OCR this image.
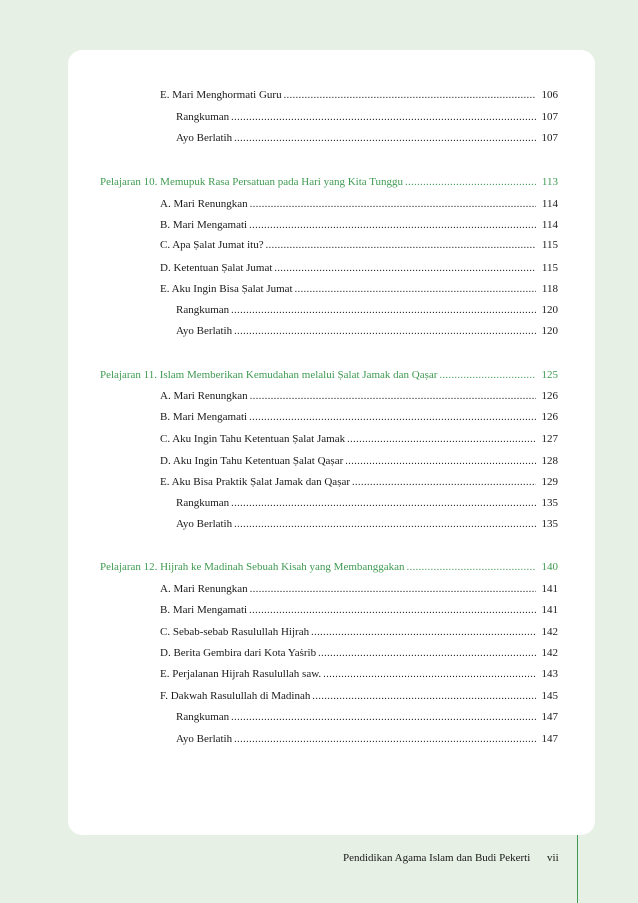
E. Mari Menghormati Guru .....	106
Rangkuman .....	107
Ayo Berlatih .....	107
Pelajaran 10. Memupuk Rasa Persatuan pada Hari yang Kita Tunggu .....	113
A. Mari Renungkan .....	114
B. Mari Mengamati .....	114
C. Apa Ṣalat Jumat itu? .....	115
D. Ketentuan Ṣalat Jumat .....	115
E. Aku Ingin Bisa Ṣalat Jumat .....	118
Rangkuman .....	120
Ayo Berlatih .....	120
Pelajaran 11. Islam Memberikan Kemudahan melalui Ṣalat Jamak dan Qaṣar .....	125
A. Mari Renungkan .....	126
B. Mari Mengamati .....	126
C. Aku Ingin Tahu Ketentuan Ṣalat Jamak .....	127
D. Aku Ingin Tahu Ketentuan Ṣalat Qaṣar .....	128
E. Aku Bisa Praktik Ṣalat Jamak dan Qaṣar .....	129
Rangkuman .....	135
Ayo Berlatih .....	135
Pelajaran 12. Hijrah ke Madinah Sebuah Kisah yang Membanggakan .....	140
A. Mari Renungkan .....	141
B. Mari Mengamati .....	141
C. Sebab-sebab Rasulullah Hijrah .....	142
D. Berita Gembira dari Kota Yaṡrib .....	142
E. Perjalanan Hijrah Rasulullah saw. .....	143
F. Dakwah Rasulullah di Madinah .....	145
Rangkuman .....	147
Ayo Berlatih .....	147
Pendidikan Agama Islam dan Budi Pekerti vii
